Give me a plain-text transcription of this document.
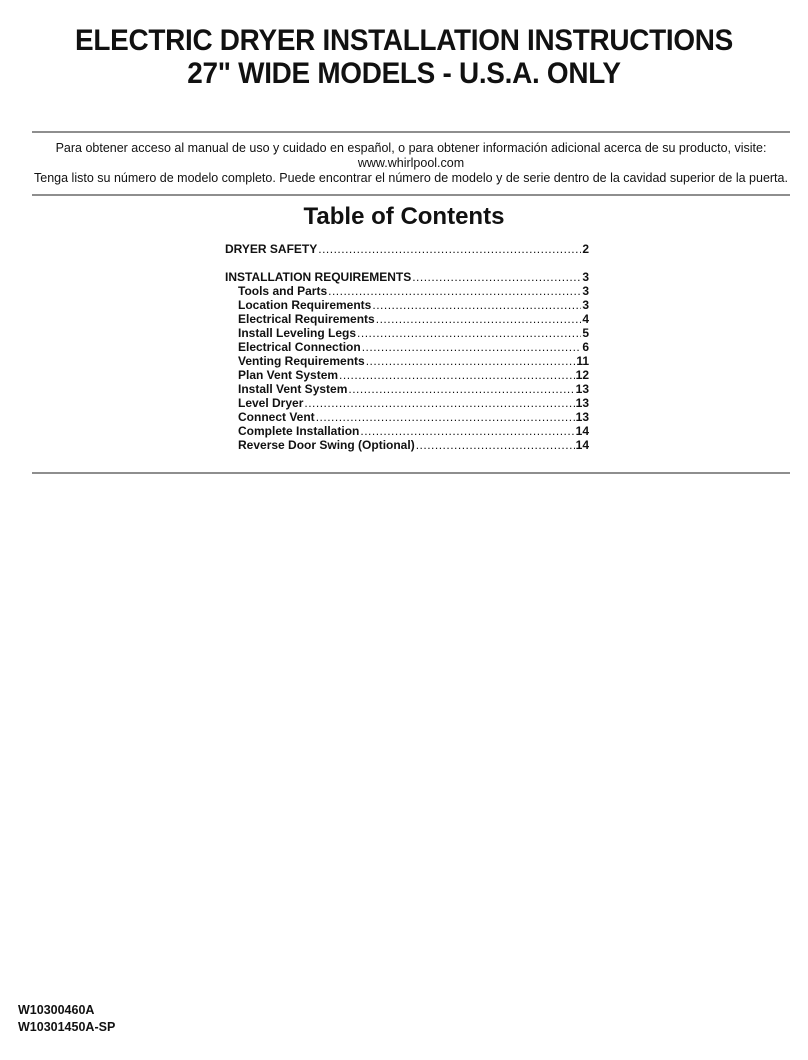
ELECTRIC DRYER INSTALLATION INSTRUCTIONS
27" WIDE MODELS - U.S.A. ONLY
Para obtener acceso al manual de uso y cuidado en español, o para obtener información adicional acerca de su producto, visite:
www.whirlpool.com
Tenga listo su número de modelo completo. Puede encontrar el número de modelo y de serie dentro de la cavidad superior de la puerta.
Table of Contents
DRYER SAFETY .....	2
INSTALLATION REQUIREMENTS .....	3
Tools and Parts .....	3
Location Requirements .....	3
Electrical Requirements .....	4
Install Leveling Legs .....	5
Electrical Connection .....	6
Venting Requirements .....	11
Plan Vent System .....	12
Install Vent System .....	13
Level Dryer .....	13
Connect Vent .....	13
Complete Installation .....	14
Reverse Door Swing (Optional) .....	14
W10300460A
W10301450A-SP
